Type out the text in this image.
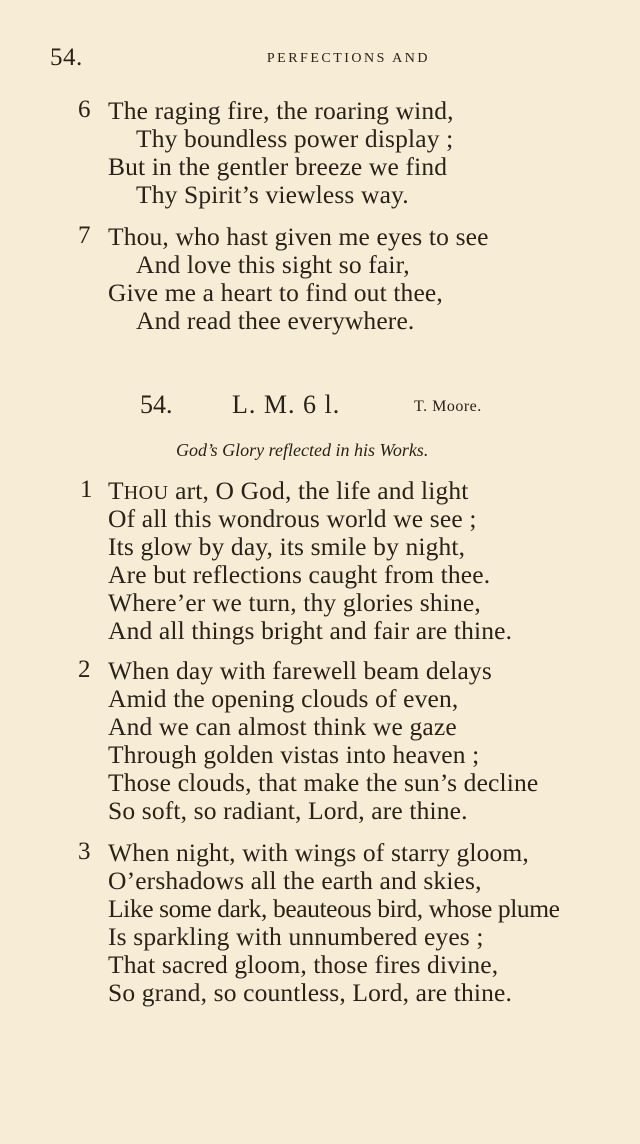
54.	PERFECTIONS AND
6 The raging fire, the roaring wind,
Thy boundless power display ;
But in the gentler breeze we find
Thy Spirit’s viewless way.
7 Thou, who hast given me eyes to see
And love this sight so fair,
Give me a heart to find out thee,
And read thee everywhere.
54. L. M. 6 l.	T. Moore.
God’s Glory reflected in his Works.
1 THOU art, O God, the life and light
Of all this wondrous world we see ;
Its glow by day, its smile by night,
Are but reflections caught from thee.
Where’er we turn, thy glories shine,
And all things bright and fair are thine.
2 When day with farewell beam delays
Amid the opening clouds of even,
And we can almost think we gaze
Through golden vistas into heaven ;
Those clouds, that make the sun’s decline
So soft, so radiant, Lord, are thine.
3 When night, with wings of starry gloom,
O’ershadows all the earth and skies,
Like some dark, beauteous bird, whose plume
Is sparkling with unnumbered eyes ;
That sacred gloom, those fires divine,
So grand, so countless, Lord, are thine.
